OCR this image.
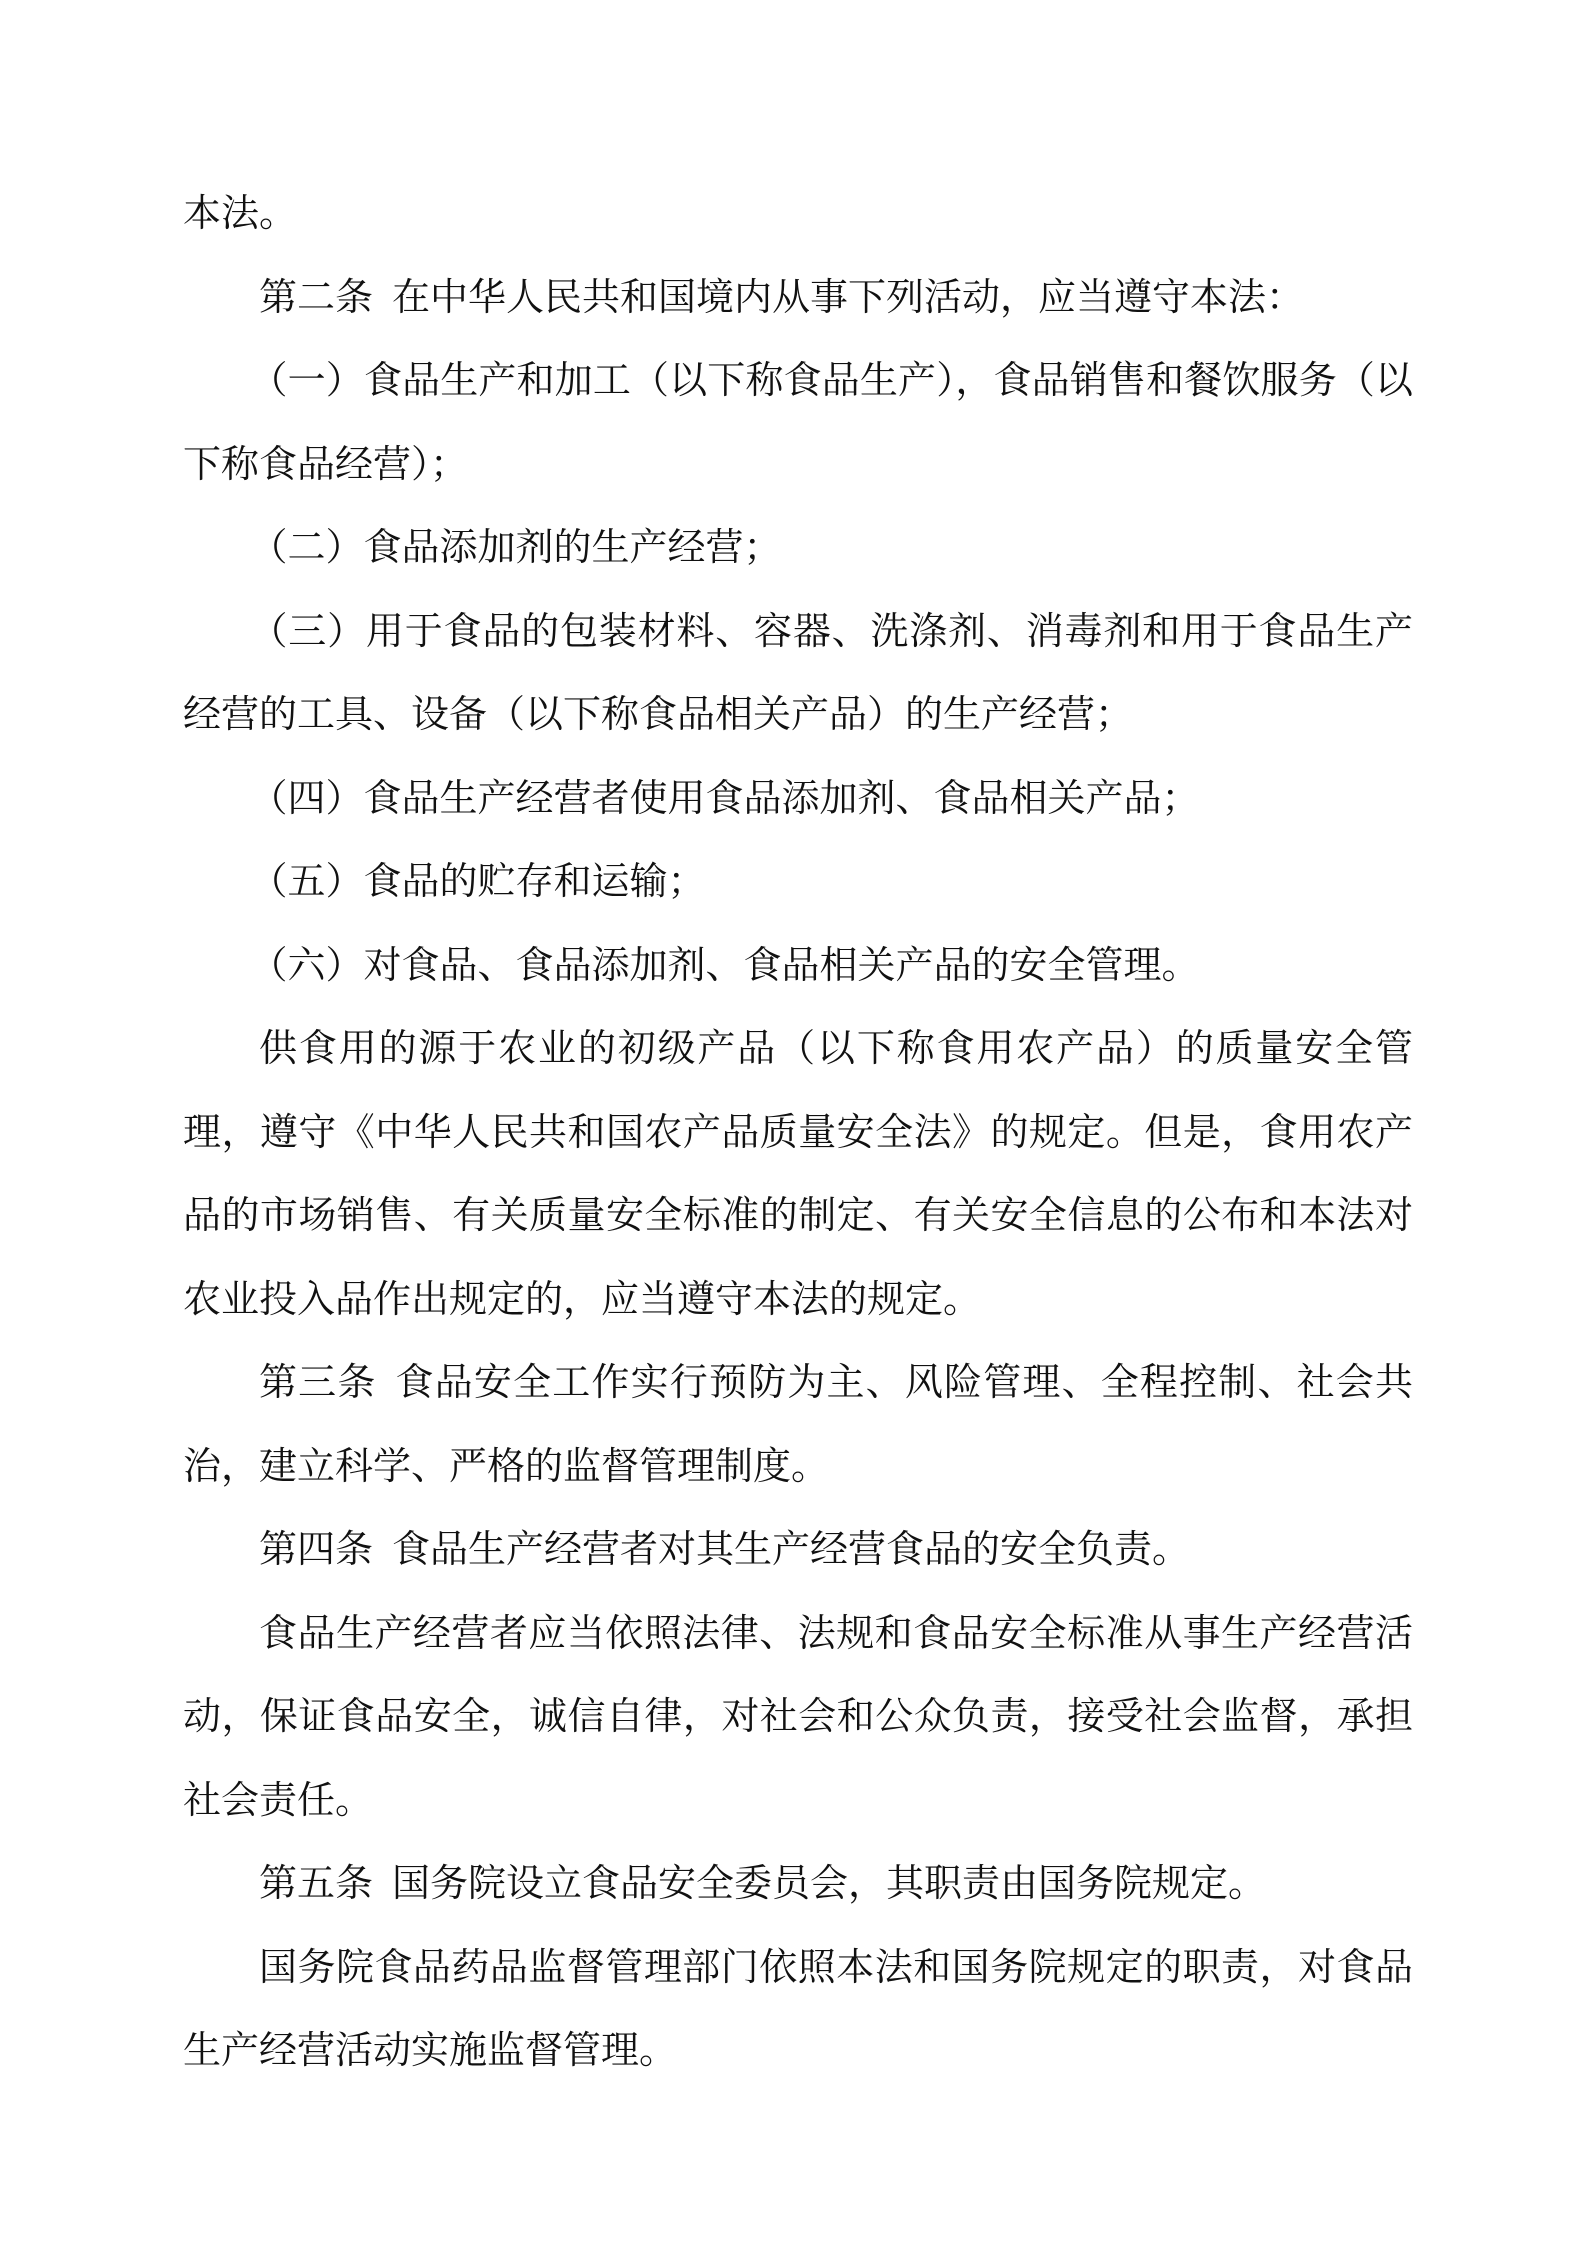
本法。

第二条 在中华人民共和国境内从事下列活动，应当遵守本法：

（一）食品生产和加工（以下称食品生产），食品销售和餐饮服务（以下称食品经营）；

（二）食品添加剂的生产经营；

（三）用于食品的包装材料、容器、洗涤剂、消毒剂和用于食品生产经营的工具、设备（以下称食品相关产品）的生产经营；

（四）食品生产经营者使用食品添加剂、食品相关产品；

（五）食品的贮存和运输；

（六）对食品、食品添加剂、食品相关产品的安全管理。

供食用的源于农业的初级产品（以下称食用农产品）的质量安全管理，遵守《中华人民共和国农产品质量安全法》的规定。但是，食用农产品的市场销售、有关质量安全标准的制定、有关安全信息的公布和本法对农业投入品作出规定的，应当遵守本法的规定。

第三条 食品安全工作实行预防为主、风险管理、全程控制、社会共治，建立科学、严格的监督管理制度。

第四条 食品生产经营者对其生产经营食品的安全负责。

食品生产经营者应当依照法律、法规和食品安全标准从事生产经营活动，保证食品安全，诚信自律，对社会和公众负责，接受社会监督，承担社会责任。

第五条 国务院设立食品安全委员会，其职责由国务院规定。

国务院食品药品监督管理部门依照本法和国务院规定的职责，对食品生产经营活动实施监督管理。
